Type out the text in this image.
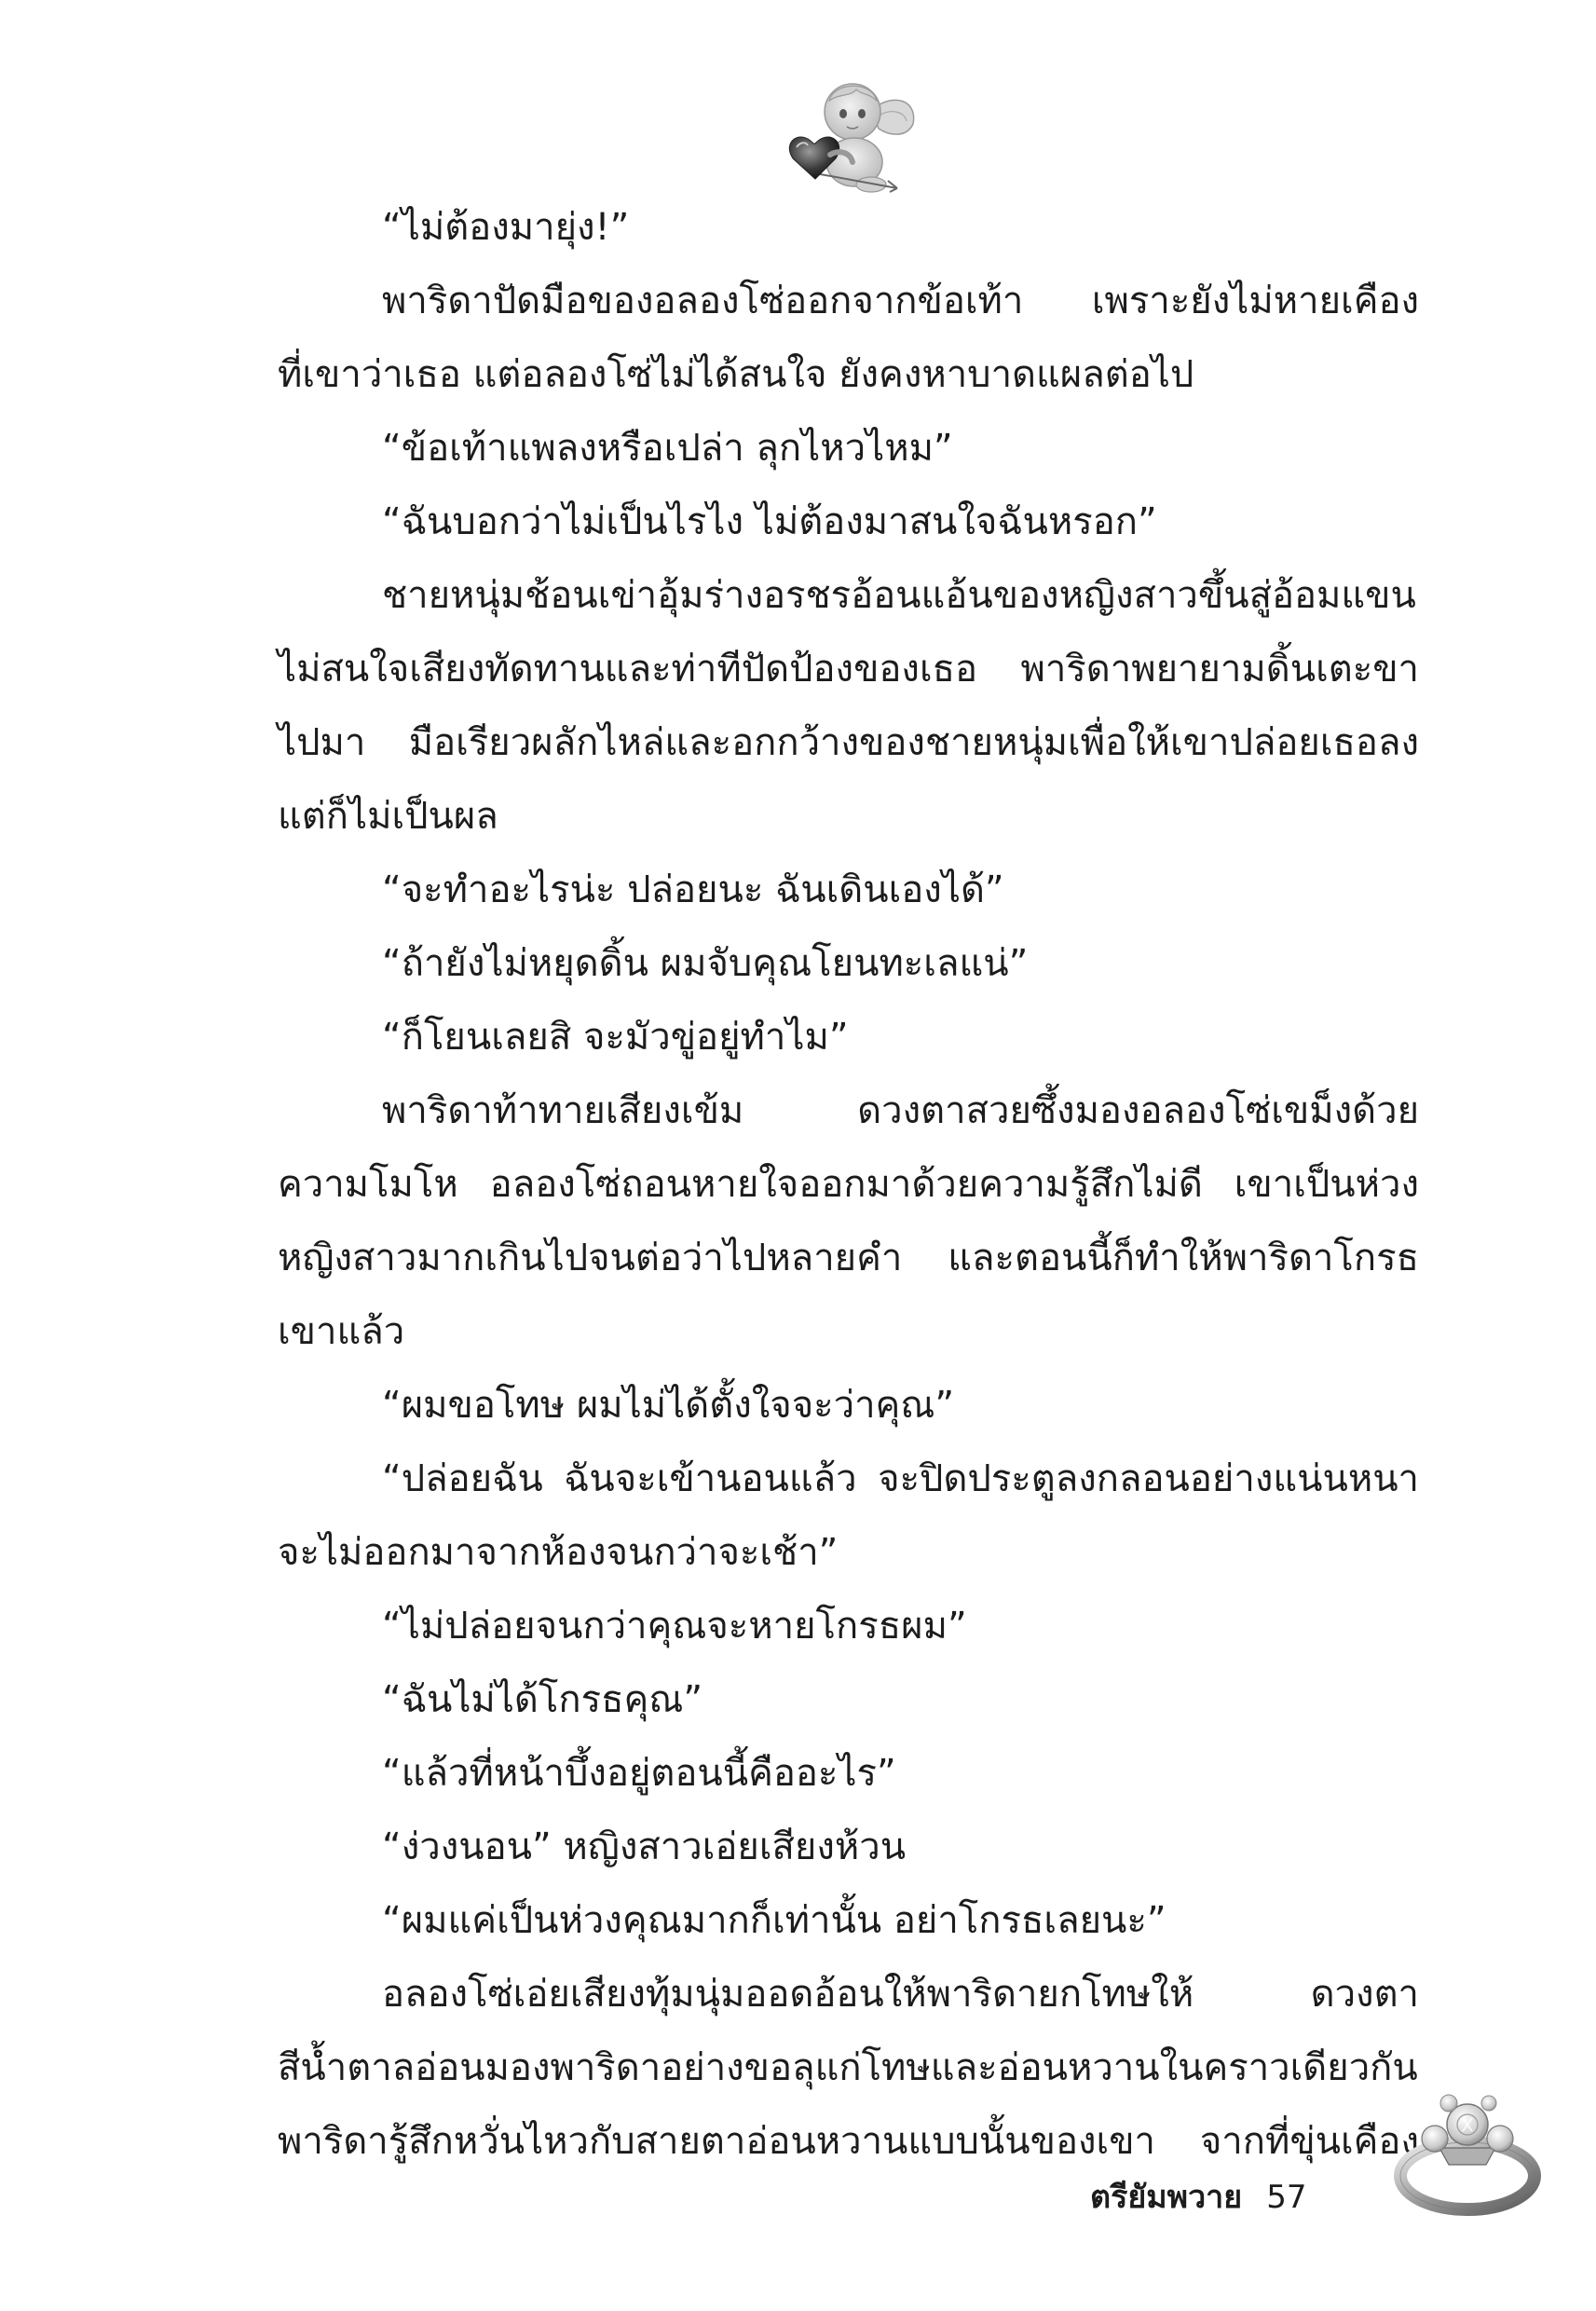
“ไม่ต้องมายุ่ง!”

พาริดาปัดมือของอลองโซ่ออกจากข้อเท้า เพราะยังไม่หายเคือง

ที่เขาว่าเธอ แต่อลองโซ่ไม่ได้สนใจ ยังคงหาบาดแผลต่อไป

“ข้อเท้าแพลงหรือเปล่า ลุกไหวไหม”

“ฉันบอกว่าไม่เป็นไรไง ไม่ต้องมาสนใจฉันหรอก”

ชายหนุ่มช้อนเข่าอุ้มร่างอรชรอ้อนแอ้นของหญิงสาวขึ้นสู่อ้อมแขน

ไม่สนใจเสียงทัดทานและท่าทีปัดป้องของเธอ พาริดาพยายามดิ้นเตะขา

ไปมา มือเรียวผลักไหล่และอกกว้างของชายหนุ่มเพื่อให้เขาปล่อยเธอลง

แต่ก็ไม่เป็นผล

“จะทำอะไรน่ะ ปล่อยนะ ฉันเดินเองได้”

“ถ้ายังไม่หยุดดิ้น ผมจับคุณโยนทะเลแน่”

“ก็โยนเลยสิ จะมัวขู่อยู่ทำไม”

พาริดาท้าทายเสียงเข้ม ดวงตาสวยซึ้งมองอลองโซ่เขม็งด้วย

ความโมโห อลองโซ่ถอนหายใจออกมาด้วยความรู้สึกไม่ดี เขาเป็นห่วง

หญิงสาวมากเกินไปจนต่อว่าไปหลายคำ และตอนนี้ก็ทำให้พาริดาโกรธ

เขาแล้ว

“ผมขอโทษ ผมไม่ได้ตั้งใจจะว่าคุณ”

“ปล่อยฉัน ฉันจะเข้านอนแล้ว จะปิดประตูลงกลอนอย่างแน่นหนา

จะไม่ออกมาจากห้องจนกว่าจะเช้า”

“ไม่ปล่อยจนกว่าคุณจะหายโกรธผม”

“ฉันไม่ได้โกรธคุณ”

“แล้วที่หน้าบึ้งอยู่ตอนนี้คืออะไร”

“ง่วงนอน” หญิงสาวเอ่ยเสียงห้วน

“ผมแค่เป็นห่วงคุณมากก็เท่านั้น อย่าโกรธเลยนะ”

อลองโซ่เอ่ยเสียงทุ้มนุ่มออดอ้อนให้พาริดายกโทษให้ ดวงตา

สีน้ำตาลอ่อนมองพาริดาอย่างขอลุแก่โทษและอ่อนหวานในคราวเดียวกัน

พาริดารู้สึกหวั่นไหวกับสายตาอ่อนหวานแบบนั้นของเขา จากที่ขุ่นเคือง

ตรียัมพวาย 57
